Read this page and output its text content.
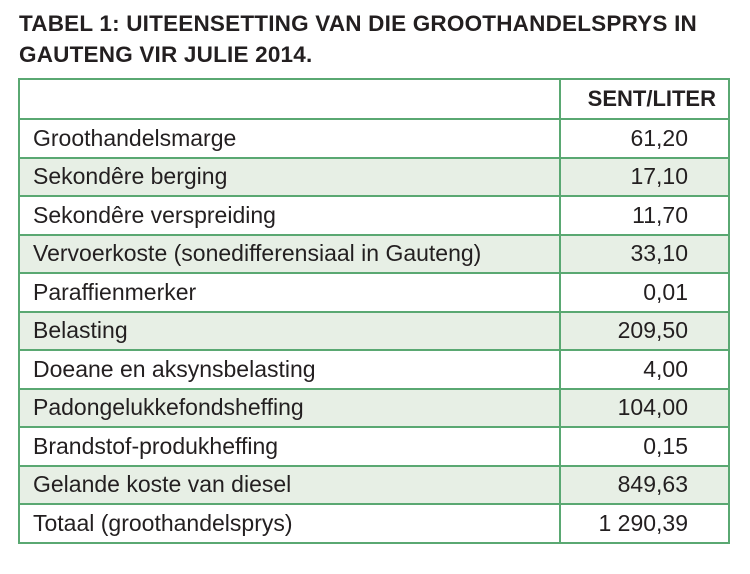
TABEL 1: UITEENSETTING VAN DIE GROOTHANDELSPRYS IN
GAUTENG VIR JULIE 2014.
	SENT/LITER
Groothandelsmarge	61,20
Sekondêre berging	17,10
Sekondêre verspreiding	11,70
Vervoerkoste (sonedifferensiaal in Gauteng)	33,10
Paraffienmerker	0,01
Belasting	209,50
Doeane en aksynsbelasting	4,00
Padongelukkefondsheffing	104,00
Brandstof-produkheffing	0,15
Gelande koste van diesel	849,63
Totaal (groothandelsprys)	1 290,39
